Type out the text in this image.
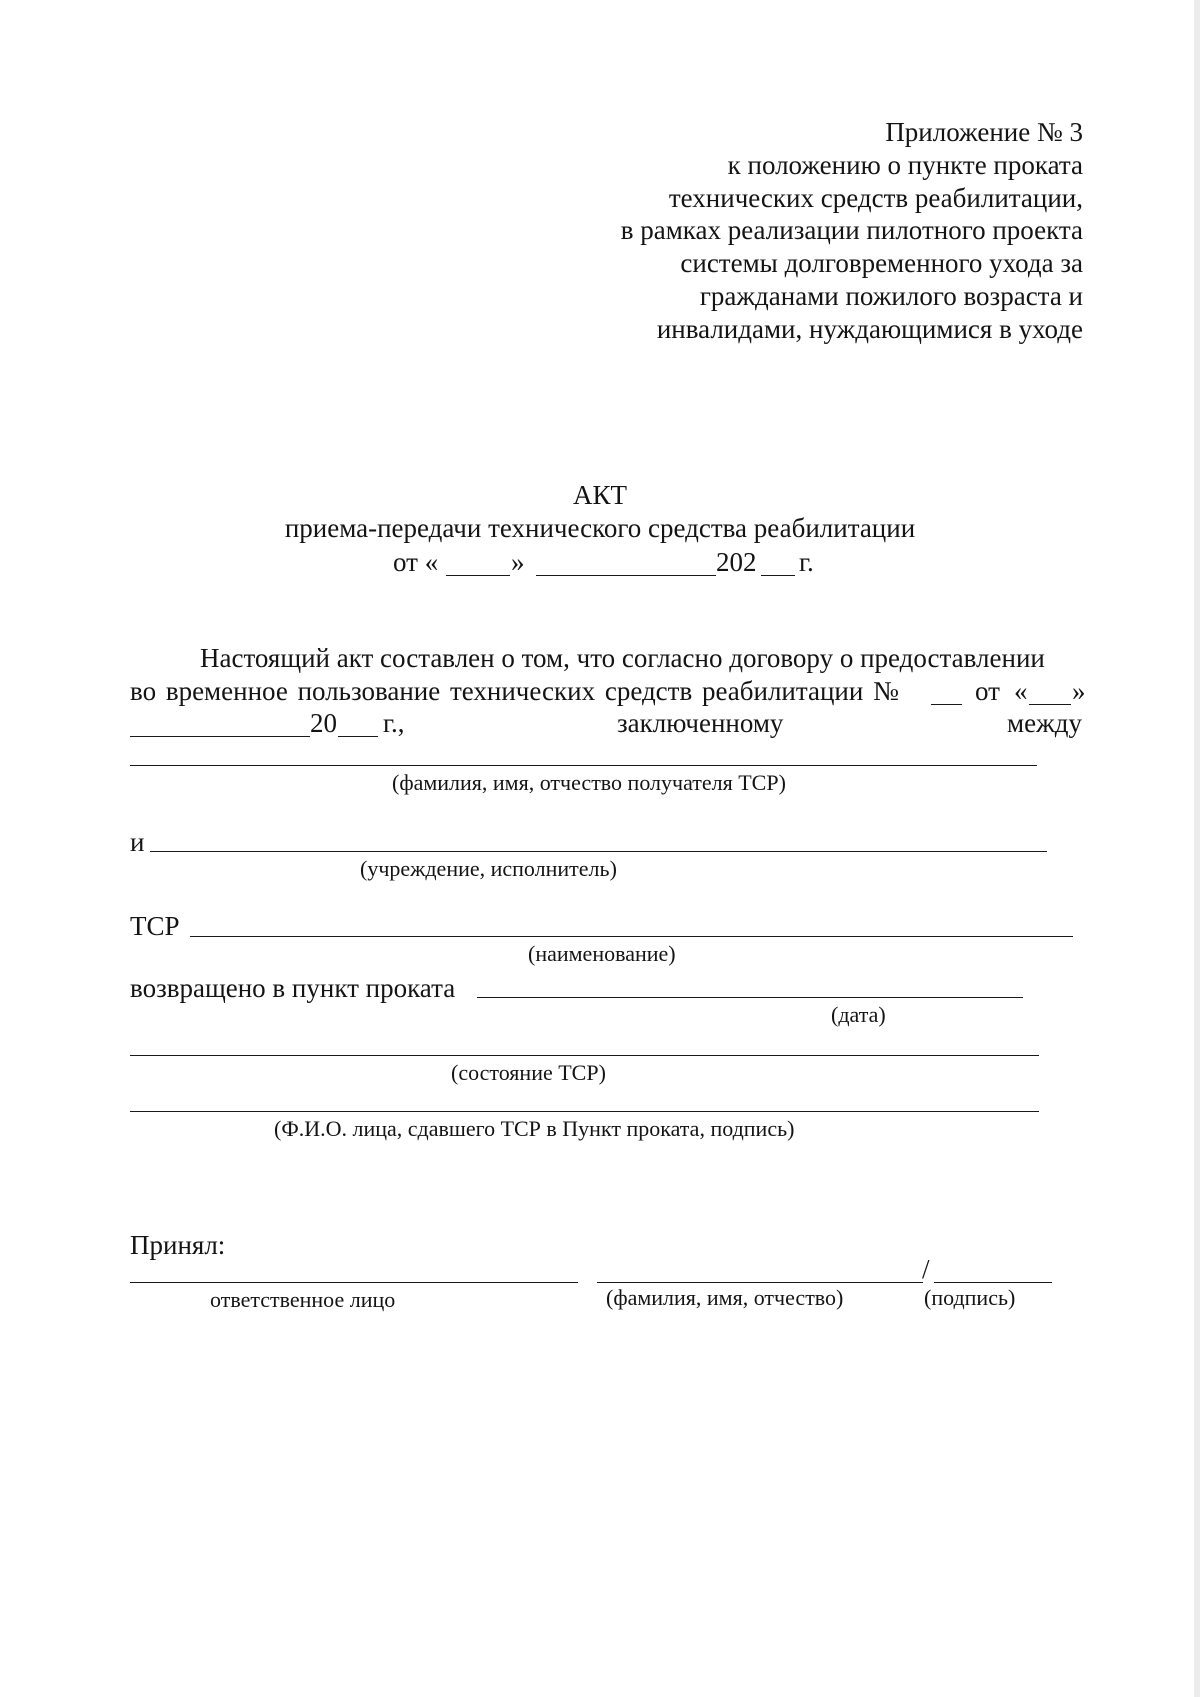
Приложение № 3
к положению о пункте проката
технических средств реабилитации,
в рамках реализации пилотного проекта
системы долговременного ухода за
гражданами пожилого возраста и
инвалидами, нуждающимися в уходе
АКТ
приема-передачи технического средства реабилитации
от «	»	202 г.
Настоящий акт составлен о том, что согласно договору о предоставлении
во временное пользование технических средств реабилитации №	от « »
20 г.,	заключенному	между
(фамилия, имя, отчество получателя ТСР)
и
(учреждение, исполнитель)
ТСР
(наименование)
возвращено в пункт проката
(дата)
(состояние ТСР)
(Ф.И.О. лица, сдавшего ТСР в Пункт проката, подпись)
Принял:
/
ответственное лицо	(фамилия, имя, отчество)	(подпись)
